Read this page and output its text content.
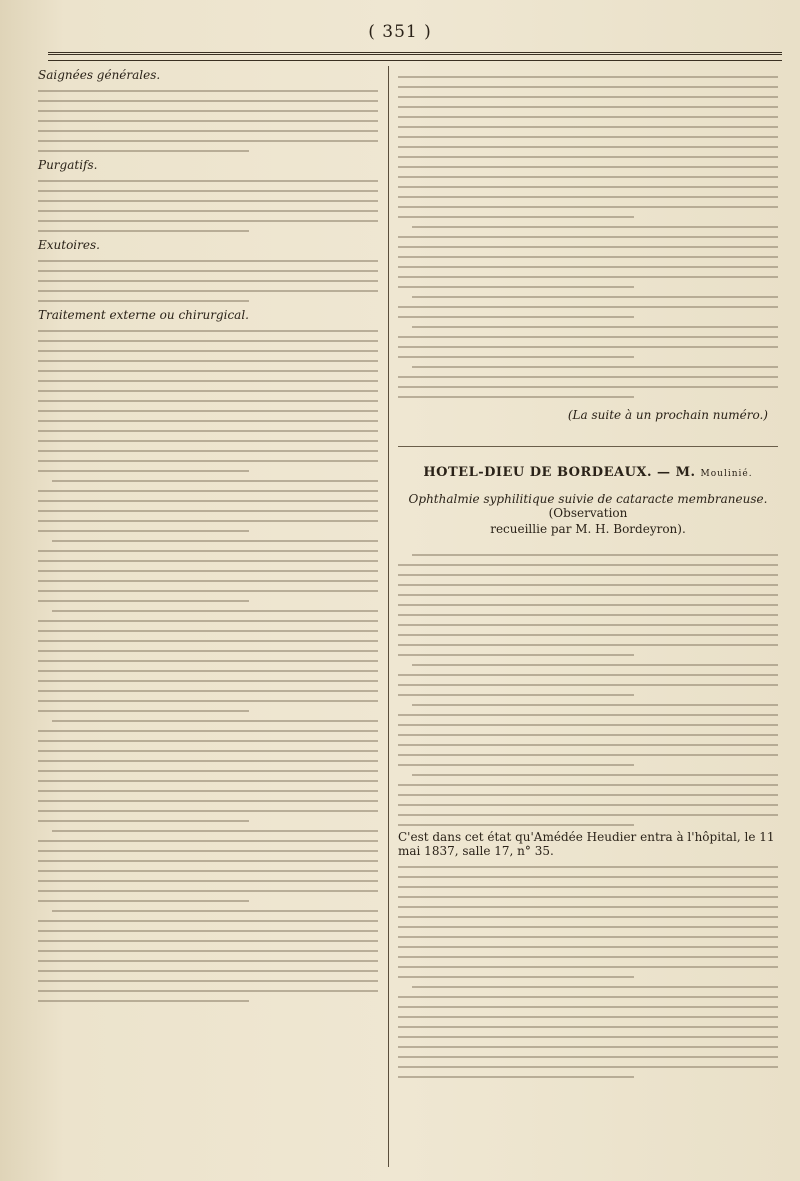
( 351 )

Saignées générales.

Purgatifs.

Exutoires.

Traitement externe ou chirurgical.

(La suite à un prochain numéro.)
HOTEL-DIEU DE BORDEAUX. — M. Moulinié.
Ophthalmie syphilitique suivie de cataracte membraneuse. (Observation
recueillie par M. H. Bordeyron).

C'est dans cet état qu'Amédée Heudier entra à l'hôpital, le 11 mai 1837, salle 17, n° 35.
